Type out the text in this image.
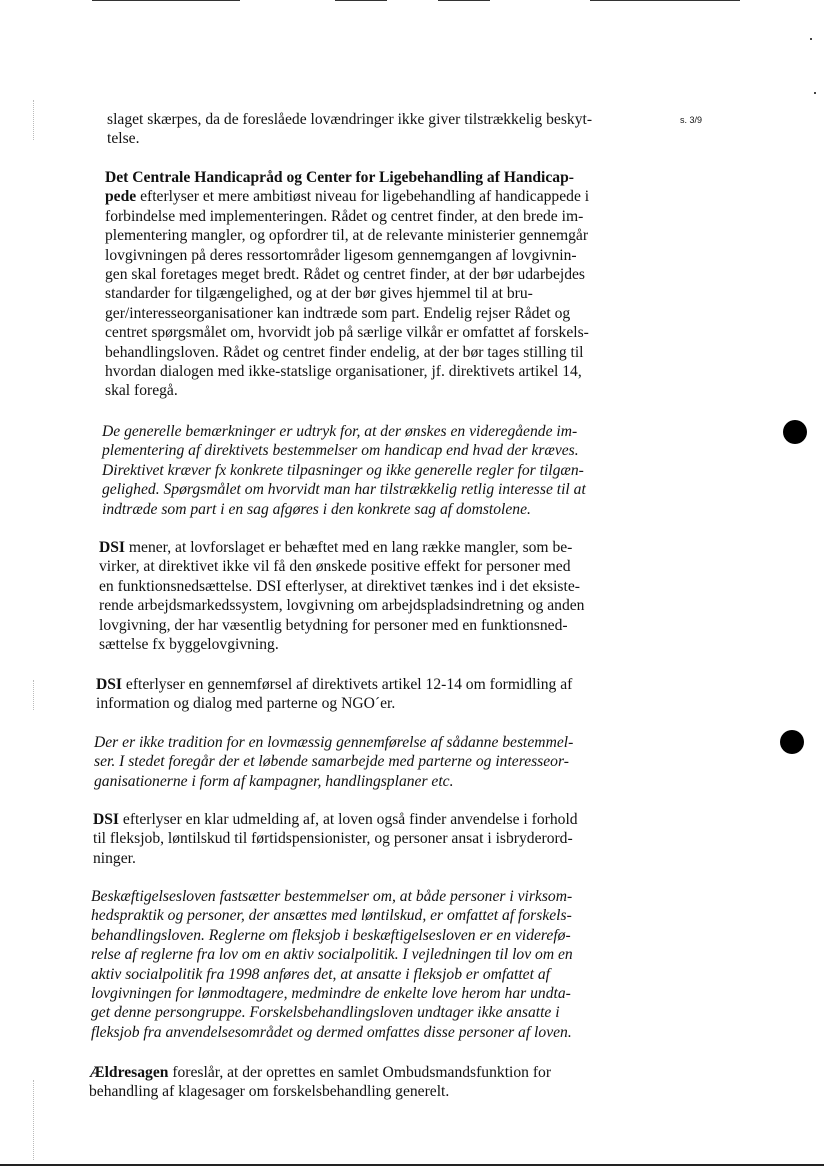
s. 3/9

slaget skærpes, da de foreslåede lovændringer ikke giver tilstrækkelig beskyt-
telse.

Det Centrale Handicapråd og Center for Ligebehandling af Handicap-
pede efterlyser et mere ambitiøst niveau for ligebehandling af handicappede i
forbindelse med implementeringen. Rådet og centret finder, at den brede im-
plementering mangler, og opfordrer til, at de relevante ministerier gennemgår
lovgivningen på deres ressortområder ligesom gennemgangen af lovgivnin-
gen skal foretages meget bredt. Rådet og centret finder, at der bør udarbejdes
standarder for tilgængelighed, og at der bør gives hjemmel til at bru-
ger/interesseorganisationer kan indtræde som part. Endelig rejser Rådet og
centret spørgsmålet om, hvorvidt job på særlige vilkår er omfattet af forskels-
behandlingsloven. Rådet og centret finder endelig, at der bør tages stilling til
hvordan dialogen med ikke-statslige organisationer, jf. direktivets artikel 14,
skal foregå.

De generelle bemærkninger er udtryk for, at der ønskes en videregående im-
plementering af direktivets bestemmelser om handicap end hvad der kræves.
Direktivet kræver fx konkrete tilpasninger og ikke generelle regler for tilgæn-
gelighed. Spørgsmålet om hvorvidt man har tilstrækkelig retlig interesse til at
indtræde som part i en sag afgøres i den konkrete sag af domstolene.

DSI mener, at lovforslaget er behæftet med en lang række mangler, som be-
virker, at direktivet ikke vil få den ønskede positive effekt for personer med
en funktionsnedsættelse. DSI efterlyser, at direktivet tænkes ind i det eksiste-
rende arbejdsmarkedssystem, lovgivning om arbejdspladsindretning og anden
lovgivning, der har væsentlig betydning for personer med en funktionsned-
sættelse fx byggelovgivning.

DSI efterlyser en gennemførsel af direktivets artikel 12-14 om formidling af
information og dialog med parterne og NGO´er.

Der er ikke tradition for en lovmæssig gennemførelse af sådanne bestemmel-
ser. I stedet foregår der et løbende samarbejde med parterne og interesseor-
ganisationerne i form af kampagner, handlingsplaner etc.

DSI efterlyser en klar udmelding af, at loven også finder anvendelse i forhold
til fleksjob, løntilskud til førtidspensionister, og personer ansat i isbryderord-
ninger.

Beskæftigelsesloven fastsætter bestemmelser om, at både personer i virksom-
hedspraktik og personer, der ansættes med løntilskud, er omfattet af forskels-
behandlingsloven. Reglerne om fleksjob i beskæftigelsesloven er en viderefø-
relse af reglerne fra lov om en aktiv socialpolitik. I vejledningen til lov om en
aktiv socialpolitik fra 1998 anføres det, at ansatte i fleksjob er omfattet af
lovgivningen for lønmodtagere, medmindre de enkelte love herom har undta-
get denne persongruppe. Forskelsbehandlingsloven undtager ikke ansatte i
fleksjob fra anvendelsesområdet og dermed omfattes disse personer af loven.

Ældresagen foreslår, at der oprettes en samlet Ombudsmandsfunktion for
behandling af klagesager om forskelsbehandling generelt.
